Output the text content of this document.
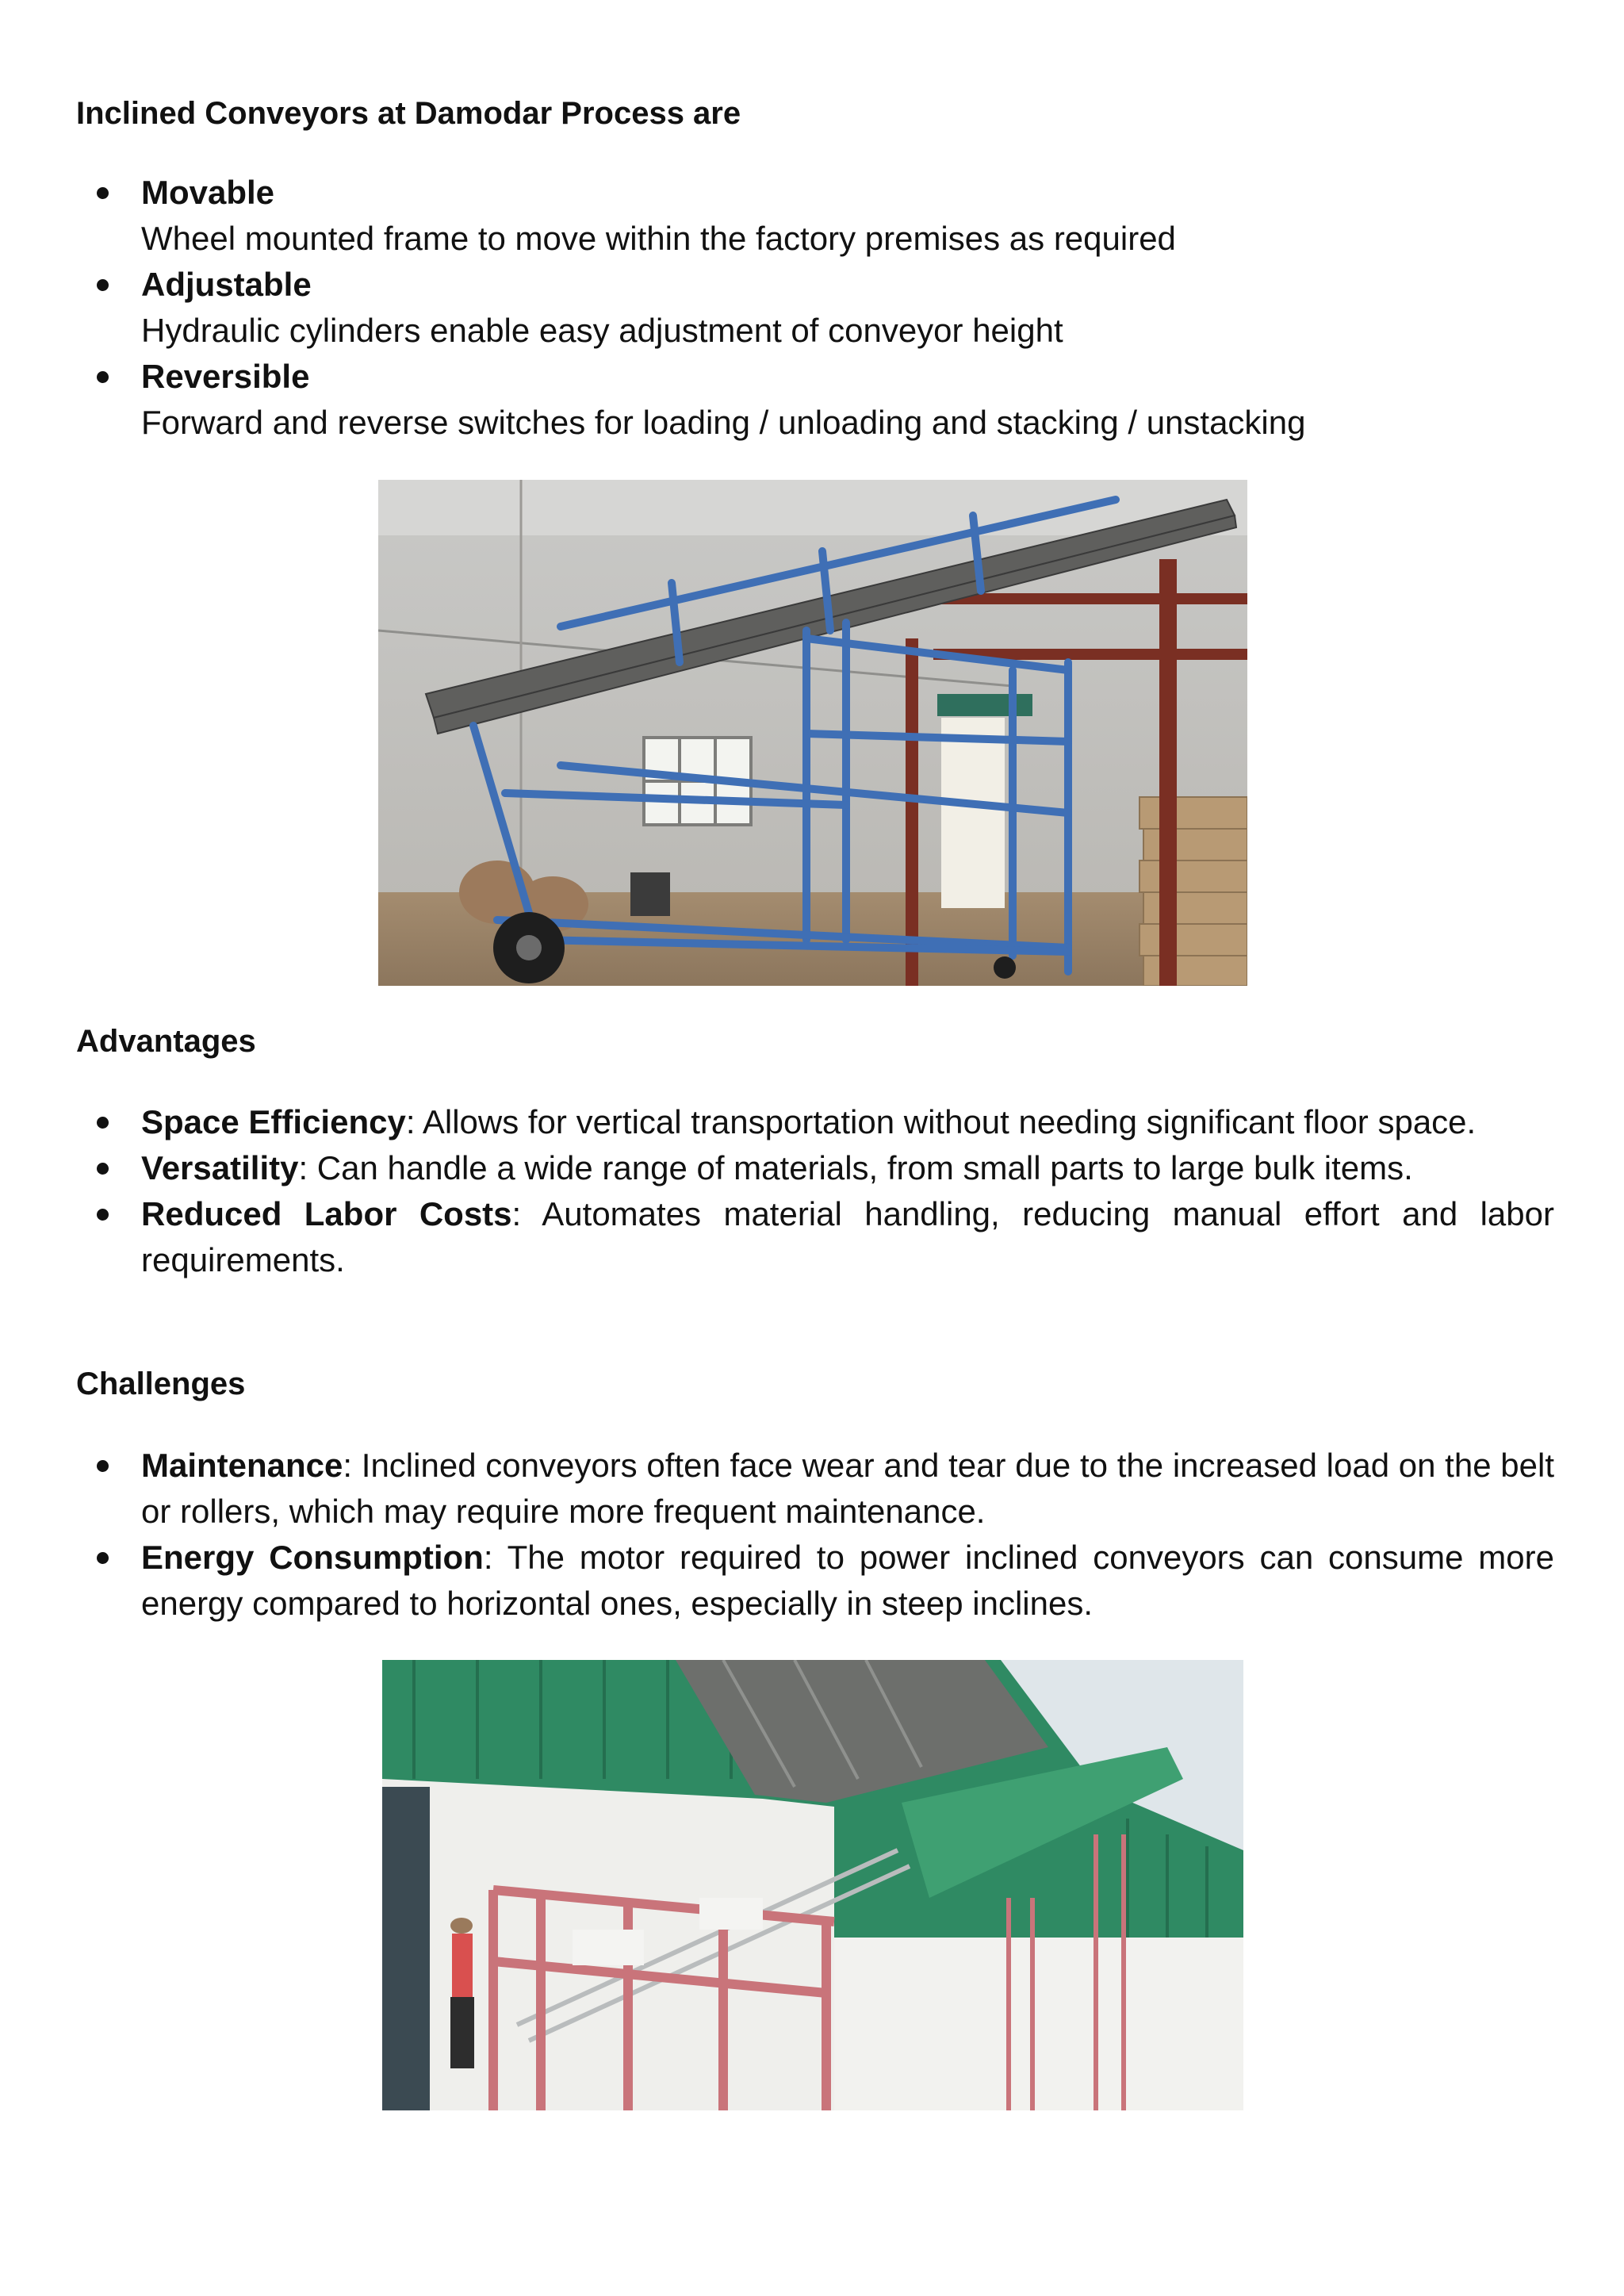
Inclined Conveyors at Damodar Process are
Movable
Wheel mounted frame to move within the factory premises as required
Adjustable
Hydraulic cylinders enable easy adjustment of conveyor height
Reversible
Forward and reverse switches for loading / unloading and stacking / unstacking
Advantages
Space Efficiency: Allows for vertical transportation without needing significant floor space.
Versatility: Can handle a wide range of materials, from small parts to large bulk items.
Reduced Labor Costs: Automates material handling, reducing manual effort and labor requirements.
Challenges
Maintenance: Inclined conveyors often face wear and tear due to the increased load on the belt or rollers, which may require more frequent maintenance.
Energy Consumption: The motor required to power inclined conveyors can consume more energy compared to horizontal ones, especially in steep inclines.
